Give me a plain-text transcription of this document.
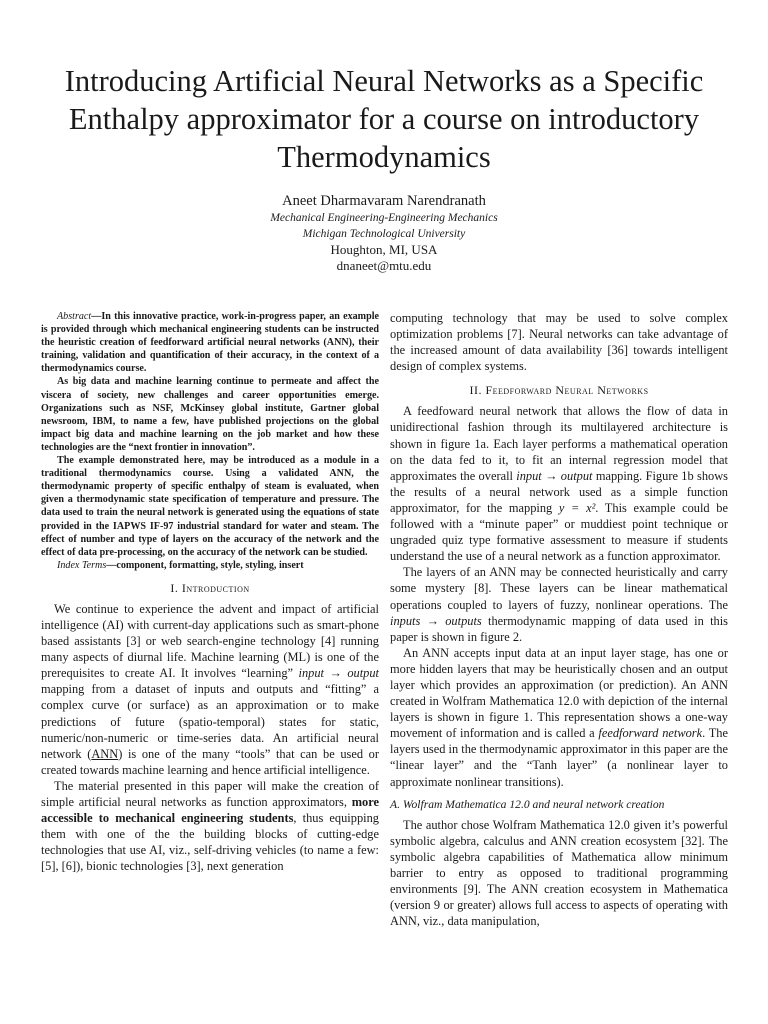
Introducing Artificial Neural Networks as a Specific Enthalpy approximator for a course on introductory Thermodynamics
Aneet Dharmavaram Narendranath
Mechanical Engineering-Engineering Mechanics
Michigan Technological University
Houghton, MI, USA
dnaneet@mtu.edu

Abstract—In this innovative practice, work-in-progress paper, an example is provided through which mechanical engineering students can be instructed the heuristic creation of feedforward artificial neural networks (ANN), their training, validation and quantification of their accuracy, in the context of a thermodynamics course.

As big data and machine learning continue to permeate and affect the viscera of society, new challenges and career opportunities emerge. Organizations such as NSF, McKinsey global institute, Gartner global newsroom, IBM, to name a few, have published projections on the global impact big data and machine learning on the job market and how these technologies are the “next frontier in innovation”.

The example demonstrated here, may be introduced as a module in a traditional thermodynamics course. Using a validated ANN, the thermodynamic property of specific enthalpy of steam is evaluated, when given a thermodynamic state specification of temperature and pressure. The data used to train the neural network is generated using the equations of state provided in the IAPWS IF-97 industrial standard for water and steam. The effect of number and type of layers on the accuracy of the network and the effect of data pre-processing, on the accuracy of the network can be studied.

Index Terms—component, formatting, style, styling, insert

I. Introduction

We continue to experience the advent and impact of artificial intelligence (AI) with current-day applications such as smart-phone based assistants [3] or web search-engine technology [4] running many aspects of diurnal life. Machine learning (ML) is one of the prerequisites to create AI. It involves “learning” input → output mapping from a dataset of inputs and outputs and “fitting” a complex curve (or surface) as an approximation or to make predictions of future (spatio-temporal) states for static, numeric/non-numeric or time-series data. An artificial neural network (ANN) is one of the many “tools” that can be used or created towards machine learning and hence artificial intelligence.

The material presented in this paper will make the creation of simple artificial neural networks as function approximators, more accessible to mechanical engineering students, thus equipping them with one of the the building blocks of cutting-edge technologies that use AI, viz., self-driving vehicles (to name a few: [5], [6]), bionic technologies [3], next generation

computing technology that may be used to solve complex optimization problems [7]. Neural networks can take advantage of the increased amount of data availability [36] towards intelligent design of complex systems.

II. Feedforward Neural Networks

A feedfoward neural network that allows the flow of data in unidirectional fashion through its multilayered architecture is shown in figure 1a. Each layer performs a mathematical operation on the data fed to it, to fit an internal regression model that approximates the overall input → output mapping. Figure 1b shows the results of a neural network used as a simple function approximator, for the mapping y = x². This example could be followed with a “minute paper” or muddiest point technique or ungraded quiz type formative assessment to measure if students understand the use of a neural network as a function approximator.

The layers of an ANN may be connected heuristically and carry some mystery [8]. These layers can be linear mathematical operations coupled to layers of fuzzy, nonlinear operations. The inputs → outputs thermodynamic mapping of data used in this paper is shown in figure 2.

An ANN accepts input data at an input layer stage, has one or more hidden layers that may be heuristically chosen and an output layer which provides an approximation (or prediction). An ANN created in Wolfram Mathematica 12.0 with depiction of the internal layers is shown in figure 1. This representation shows a one-way movement of information and is called a feedforward network. The layers used in the thermodynamic approximator in this paper are the “linear layer” and the “Tanh layer” (a nonlinear layer to approximate nonlinear transitions).

A. Wolfram Mathematica 12.0 and neural network creation

The author chose Wolfram Mathematica 12.0 given it’s powerful symbolic algebra, calculus and ANN creation ecosystem [32]. The symbolic algebra capabilities of Mathematica allow minimum barrier to entry as opposed to traditional programming environments [9]. The ANN creation ecosystem in Mathematica (version 9 or greater) allows full access to aspects of operating with ANN, viz., data manipulation,
